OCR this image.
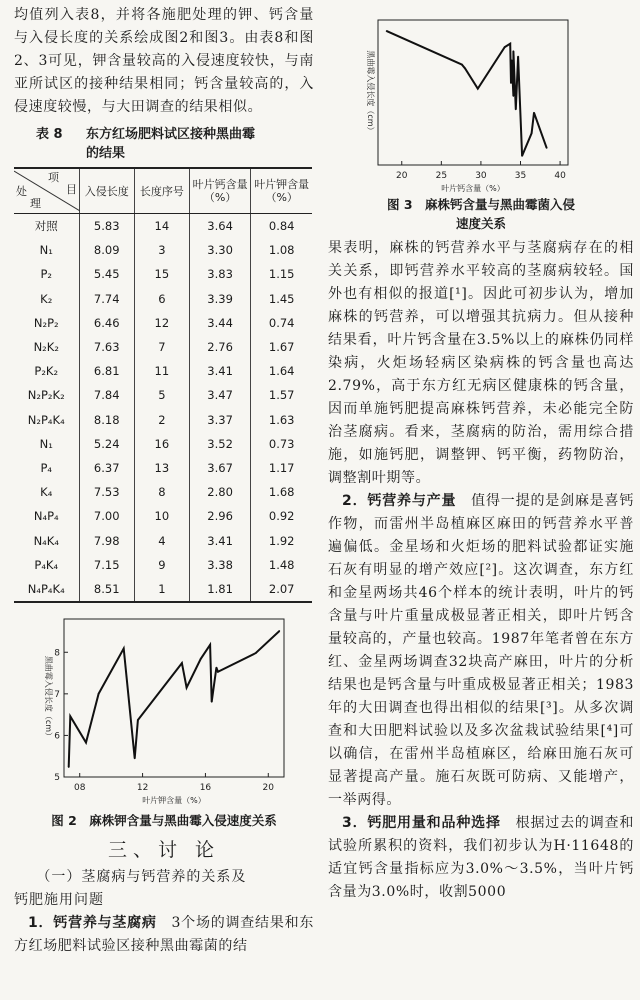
均值列入表8，并将各施肥处理的钾、钙含量与入侵长度的关系绘成图2和图3。由表8和图2、3可见，钾含量较高的入侵速度较快，与南亚所试区的接种结果相同；钙含量较高的，入侵速度较慢，与大田调查的结果相似。

表 8 东方红场肥料试区接种黑曲霉
的结果
项
目
处
理	入侵长度	长度序号	叶片钙含量（%）	叶片钾含量（%）
对照	5.83	14	3.64	0.84
N₁	8.09	3	3.30	1.08
P₂	5.45	15	3.83	1.15
K₂	7.74	6	3.39	1.45
N₂P₂	6.46	12	3.44	0.74
N₂K₂	7.63	7	2.76	1.67
P₂K₂	6.81	11	3.41	1.64
N₂P₂K₂	7.84	5	3.47	1.57
N₂P₄K₄	8.18	2	3.37	1.63
N₁	5.24	16	3.52	0.73
P₄	6.37	13	3.67	1.17
K₄	7.53	8	2.80	1.68
N₄P₄	7.00	10	2.96	0.92
N₄K₄	7.98	4	3.41	1.92
P₄K₄	7.15	9	3.38	1.48
N₄P₄K₄	8.51	1	1.81	2.07
08	12	16	20
5
6
7
8
叶片钾含量（%）
黑曲霉入侵长度（cm）
图 2　麻株钾含量与黑曲霉入侵速度关系
三、讨 论

（一）茎腐病与钙营养的关系及

钙肥施用问题

1．钙营养与茎腐病　 3个场的调查结果和东方红场肥料试验区接种黑曲霉菌的结

20	25	30	35	40
叶片钙含量（%）
黑曲霉入侵长度（cm）
图 3　麻株钙含量与黑曲霉菌入侵
速度关系

果表明，麻株的钙营养水平与茎腐病存在的相关关系，即钙营养水平较高的茎腐病较轻。国外也有相似的报道[¹]。因此可初步认为，增加麻株的钙营养，可以增强其抗病力。但从接种结果看，叶片钙含量在3.5%以上的麻株仍同样染病，火炬场轻病区染病株的钙含量也高达2.79%，高于东方红无病区健康株的钙含量，因而单施钙肥提高麻株钙营养，未必能完全防治茎腐病。看来，茎腐病的防治，需用综合措施，如施钙肥，调整钾、钙平衡，药物防治，调整割叶期等。

2．钙营养与产量　 值得一提的是剑麻是喜钙作物，而雷州半岛植麻区麻田的钙营养水平普遍偏低。金星场和火炬场的肥料试验都证实施石灰有明显的增产效应[²]。这次调查，东方红和金星两场共46个样本的统计表明，叶片的钙含量与叶片重量成极显著正相关，即叶片钙含量较高的，产量也较高。1987年笔者曾在东方红、金星两场调查32块高产麻田，叶片的分析结果也是钙含量与叶重成极显著正相关；1983年的大田调查也得出相似的结果[³]。从多次调查和大田肥料试验以及多次盆栽试验结果[⁴]可以确信，在雷州半岛植麻区，给麻田施石灰可显著提高产量。施石灰既可防病、又能增产，一举两得。

3．钙肥用量和品种选择　 根据过去的调查和试验所累积的资料，我们初步认为H·11648的适宜钙含量指标应为3.0%～3.5%，当叶片钙含量为3.0%时，收割5000
